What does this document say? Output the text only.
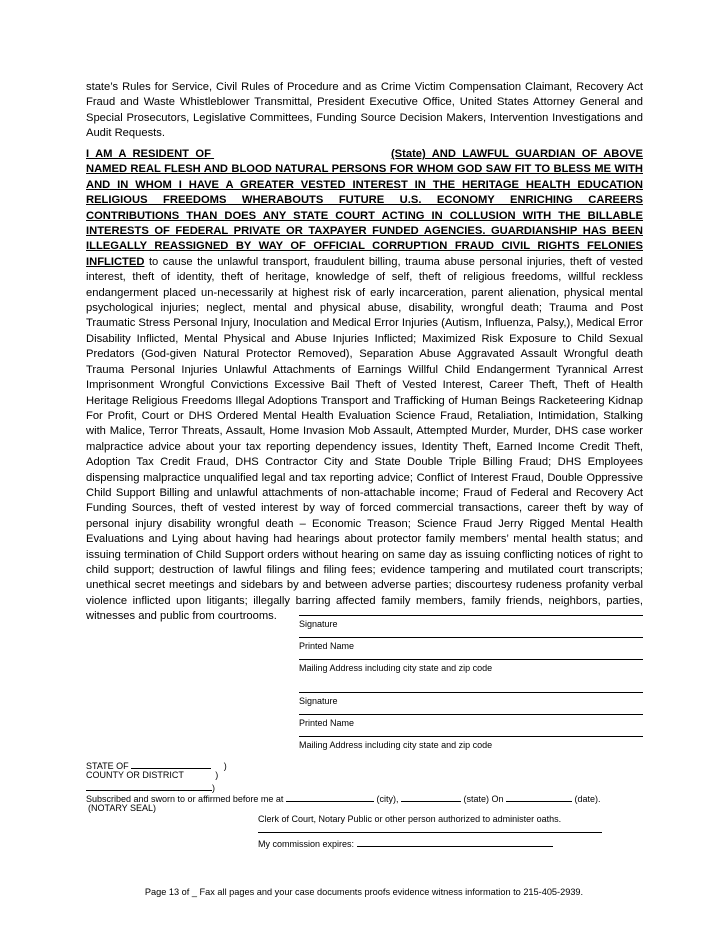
state’s Rules for Service, Civil Rules of Procedure and as Crime Victim Compensation Claimant, Recovery Act Fraud and Waste Whistleblower Transmittal, President Executive Office, United States Attorney General and Special Prosecutors, Legislative Committees, Funding Source Decision Makers, Intervention Investigations and Audit Requests.

I AM A RESIDENT OF	(State) AND LAWFUL GUARDIAN OF ABOVE NAMED REAL FLESH AND BLOOD NATURAL PERSONS FOR WHOM GOD SAW FIT TO BLESS ME WITH AND IN WHOM I HAVE A GREATER VESTED INTEREST IN THE HERITAGE HEALTH EDUCATION RELIGIOUS FREEDOMS WHERABOUTS FUTURE U.S. ECONOMY ENRICHING CAREERS CONTRIBUTIONS THAN DOES ANY STATE COURT ACTING IN COLLUSION WITH THE BILLABLE INTERESTS OF FEDERAL PRIVATE OR TAXPAYER FUNDED AGENCIES. GUARDIANSHIP HAS BEEN ILLEGALLY REASSIGNED BY WAY OF OFFICIAL CORRUPTION FRAUD CIVIL RIGHTS FELONIES INFLICTED to cause the unlawful transport, fraudulent billing, trauma abuse personal injuries, theft of vested interest, theft of identity, theft of heritage, knowledge of self, theft of religious freedoms, willful reckless endangerment placed un-necessarily at highest risk of early incarceration, parent alienation, physical mental psychological injuries; neglect, mental and physical abuse, disability, wrongful death; Trauma and Post Traumatic Stress Personal Injury, Inoculation and Medical Error Injuries (Autism, Influenza, Palsy,), Medical Error Disability Inflicted, Mental Physical and Abuse Injuries Inflicted; Maximized Risk Exposure to Child Sexual Predators (God-given Natural Protector Removed), Separation Abuse Aggravated Assault Wrongful death Trauma Personal Injuries Unlawful Attachments of Earnings Willful Child Endangerment Tyrannical Arrest Imprisonment Wrongful Convictions Excessive Bail Theft of Vested Interest, Career Theft, Theft of Health Heritage Religious Freedoms Illegal Adoptions Transport and Trafficking of Human Beings Racketeering Kidnap For Profit, Court or DHS Ordered Mental Health Evaluation Science Fraud, Retaliation, Intimidation, Stalking with Malice, Terror Threats, Assault, Home Invasion Mob Assault, Attempted Murder, Murder, DHS case worker malpractice advice about your tax reporting dependency issues, Identity Theft, Earned Income Credit Theft, Adoption Tax Credit Fraud, DHS Contractor City and State Double Triple Billing Fraud; DHS Employees dispensing malpractice unqualified legal and tax reporting advice; Conflict of Interest Fraud, Double Oppressive Child Support Billing and unlawful attachments of non-attachable income; Fraud of Federal and Recovery Act Funding Sources, theft of vested interest by way of forced commercial transactions, career theft by way of personal injury disability wrongful death – Economic Treason; Science Fraud Jerry Rigged Mental Health Evaluations and Lying about having had hearings about protector family members’ mental health status; and issuing termination of Child Support orders without hearing on same day as issuing conflicting notices of right to child support; destruction of lawful filings and filing fees; evidence tampering and mutilated court transcripts; unethical secret meetings and sidebars by and between adverse parties; discourtesy rudeness profanity verbal violence inflicted upon litigants; illegally barring affected family members, family friends, neighbors, parties, witnesses and public from courtrooms.

Signature
Printed Name
Mailing Address including city state and zip code
Signature
Printed Name
Mailing Address including city state and zip code
STATE OF	)
COUNTY OR DISTRICT	)
)
Subscribed and sworn to or affirmed before me at	(city),	(state) On	(date).
(NOTARY SEAL)
Clerk of Court, Notary Public or other person authorized to administer oaths.
My commission expires:
Page 13 of _ Fax all pages and your case documents proofs evidence witness information to 215-405-2939.
